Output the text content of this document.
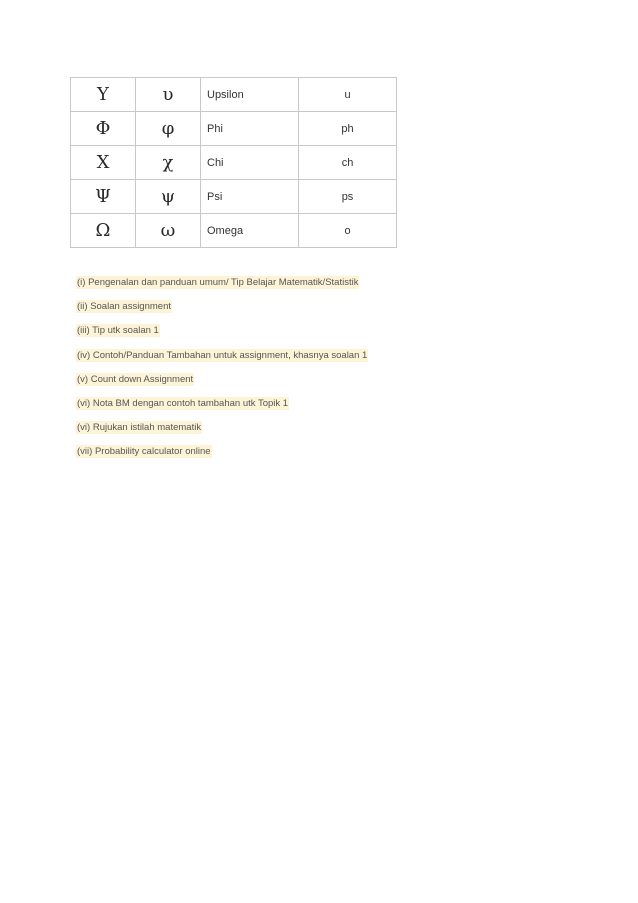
Υ	υ	Upsilon	u
Φ	φ	Phi	ph
Χ	χ	Chi	ch
Ψ	ψ	Psi	ps
Ω	ω	Omega	o
(i) Pengenalan dan panduan umum/ Tip Belajar Matematik/Statistik
(ii) Soalan assignment
(iii) Tip utk soalan 1
(iv) Contoh/Panduan Tambahan untuk assignment, khasnya soalan 1
(v) Count down Assignment
(vi) Nota BM dengan contoh tambahan utk Topik 1
(vi) Rujukan istilah matematik
(vii) Probability calculator online
